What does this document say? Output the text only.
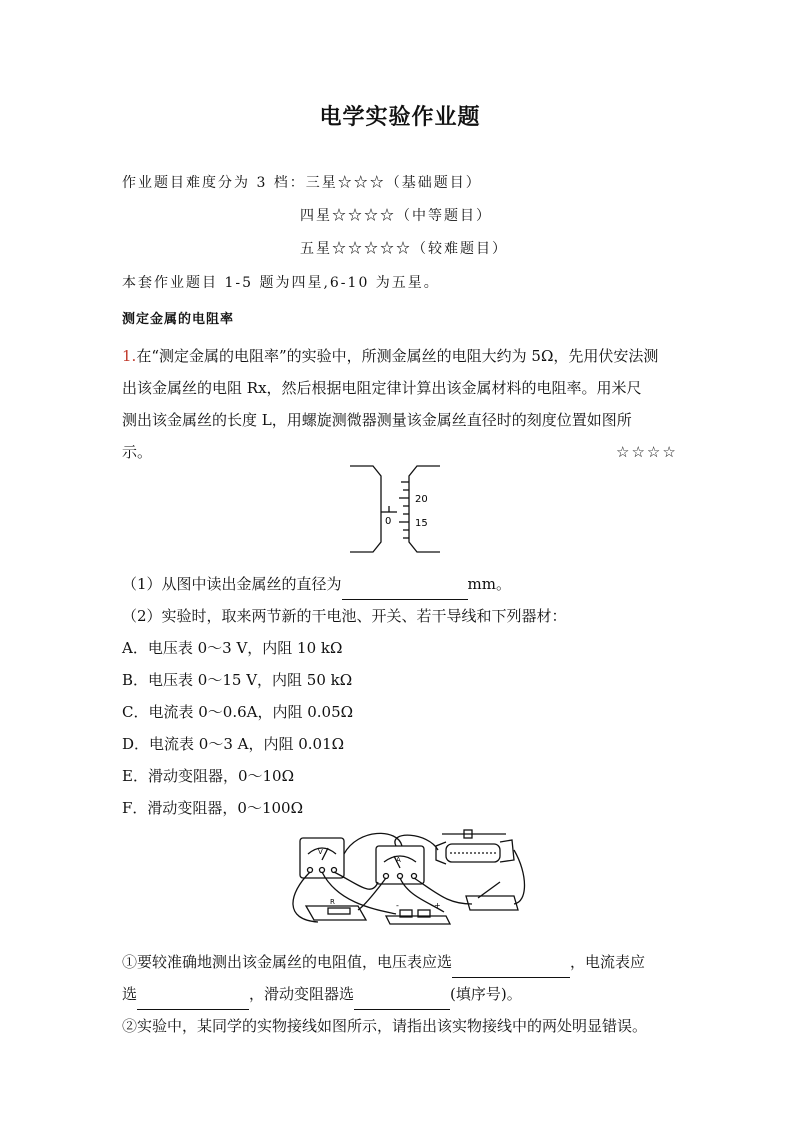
电学实验作业题
作业题目难度分为 3 档：三星☆☆☆（基础题目）
四星☆☆☆☆（中等题目）
五星☆☆☆☆☆（较难题目）
本套作业题目 1-5 题为四星,6-10 为五星。
测定金属的电阻率
1.在“测定金属的电阻率”的实验中，所测金属丝的电阻大约为 5Ω，先用伏安法测
出该金属丝的电阻 Rx，然后根据电阻定律计算出该金属材料的电阻率。用米尺
测出该金属丝的长度 L，用螺旋测微器测量该金属丝直径时的刻度位置如图所
示。	☆☆☆☆
20
15
0
（1）从图中读出金属丝的直径为	mm。
（2）实验时，取来两节新的干电池、开关、若干导线和下列器材：
A．电压表 0～3 V，内阻 10 kΩ
B．电压表 0～15 V，内阻 50 kΩ
C．电流表 0～0.6A，内阻 0.05Ω
D．电流表 0～3 A，内阻 0.01Ω
E．滑动变阻器，0～10Ω
F．滑动变阻器，0～100Ω
V
A
R	-	+
①要较准确地测出该金属丝的电阻值，电压表应选	，电流表应
选	，滑动变阻器选	(填序号)。
②实验中，某同学的实物接线如图所示，请指出该实物接线中的两处明显错误。
